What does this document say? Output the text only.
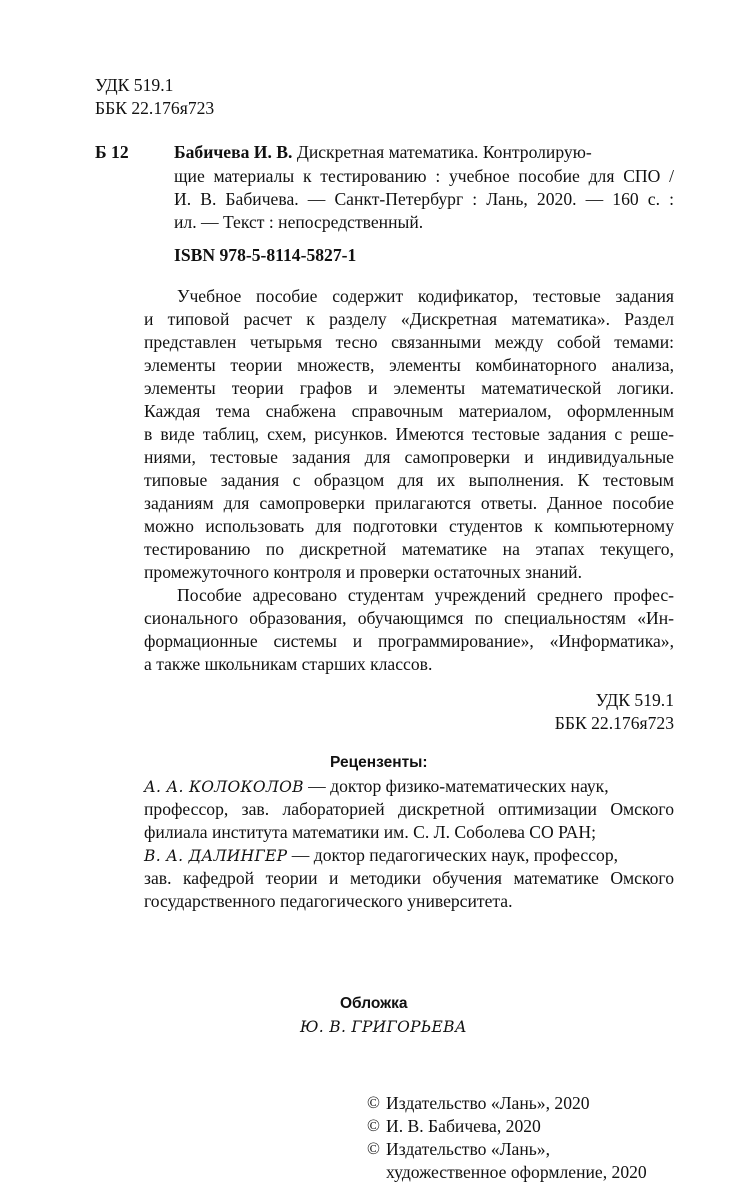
УДК 519.1
ББК 22.176я723
Б 12	Бабичева И. В. Дискретная математика. Контролирую-
щие материалы к тестированию : учебное пособие для СПО /
И. В. Бабичева. — Санкт-Петербург : Лань, 2020. — 160 с. :
ил. — Текст : непосредственный.
ISBN 978-5-8114-5827-1
Учебное пособие содержит кодификатор, тестовые задания
и типовой расчет к разделу «Дискретная математика». Раздел
представлен четырьмя тесно связанными между собой темами:
элементы теории множеств, элементы комбинаторного анализа,
элементы теории графов и элементы математической логики.
Каждая тема снабжена справочным материалом, оформленным
в виде таблиц, схем, рисунков. Имеются тестовые задания с реше-
ниями, тестовые задания для самопроверки и индивидуальные
типовые задания с образцом для их выполнения. К тестовым
заданиям для самопроверки прилагаются ответы. Данное пособие
можно использовать для подготовки студентов к компьютерному
тестированию по дискретной математике на этапах текущего,
промежуточного контроля и проверки остаточных знаний.
Пособие адресовано студентам учреждений среднего профес-
сионального образования, обучающимся по специальностям «Ин-
формационные системы и программирование», «Информатика»,
а также школьникам старших классов.
УДК 519.1
ББК 22.176я723
Рецензенты:
А. А. КОЛОКОЛОВ — доктор физико-математических наук,
профессор, зав. лабораторией дискретной оптимизации Омского
филиала института математики им. С. Л. Соболева СО РАН;
В. А. ДАЛИНГЕР — доктор педагогических наук, профессор,
зав. кафедрой теории и методики обучения математике Омского
государственного педагогического университета.
Обложка
Ю. В. ГРИГОРЬЕВА
© Издательство «Лань», 2020
© И. В. Бабичева, 2020
© Издательство «Лань»,
художественное оформление, 2020
